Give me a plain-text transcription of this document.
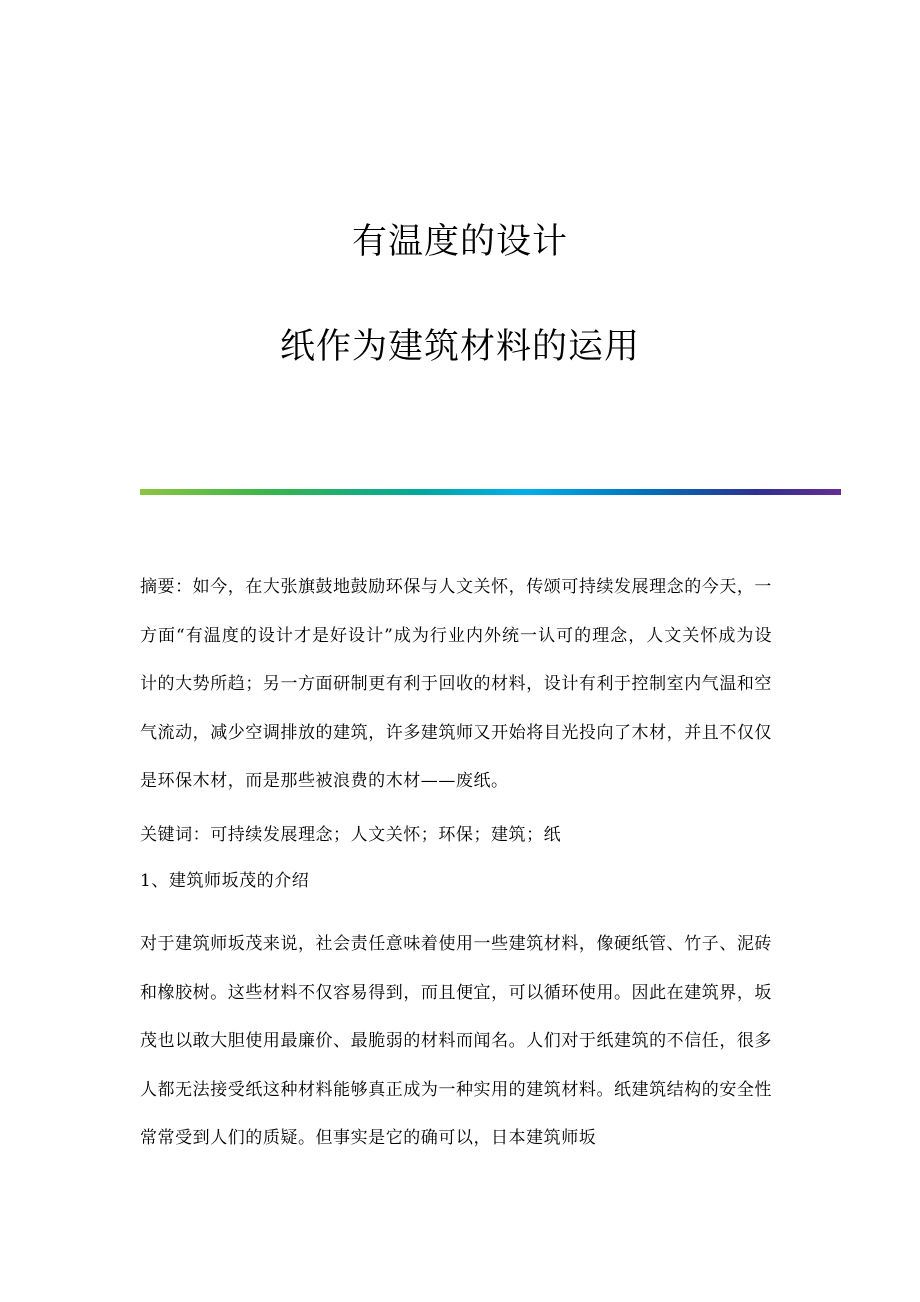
有温度的设计
纸作为建筑材料的运用

摘要：如今，在大张旗鼓地鼓励环保与人文关怀，传颂可持续发展理念的今天，一方面“有温度的设计才是好设计”成为行业内外统一认可的理念，人文关怀成为设计的大势所趋；另一方面研制更有利于回收的材料，设计有利于控制室内气温和空气流动，减少空调排放的建筑，许多建筑师又开始将目光投向了木材，并且不仅仅是环保木材，而是那些被浪费的木材——废纸。

关键词：可持续发展理念；人文关怀；环保；建筑；纸

1、建筑师坂茂的介绍

对于建筑师坂茂来说，社会责任意味着使用一些建筑材料，像硬纸管、竹子、泥砖和橡胶树。这些材料不仅容易得到，而且便宜，可以循环使用。因此在建筑界，坂茂也以敢大胆使用最廉价、最脆弱的材料而闻名。人们对于纸建筑的不信任，很多人都无法接受纸这种材料能够真正成为一种实用的建筑材料。纸建筑结构的安全性常常受到人们的质疑。但事实是它的确可以，日本建筑师坂
